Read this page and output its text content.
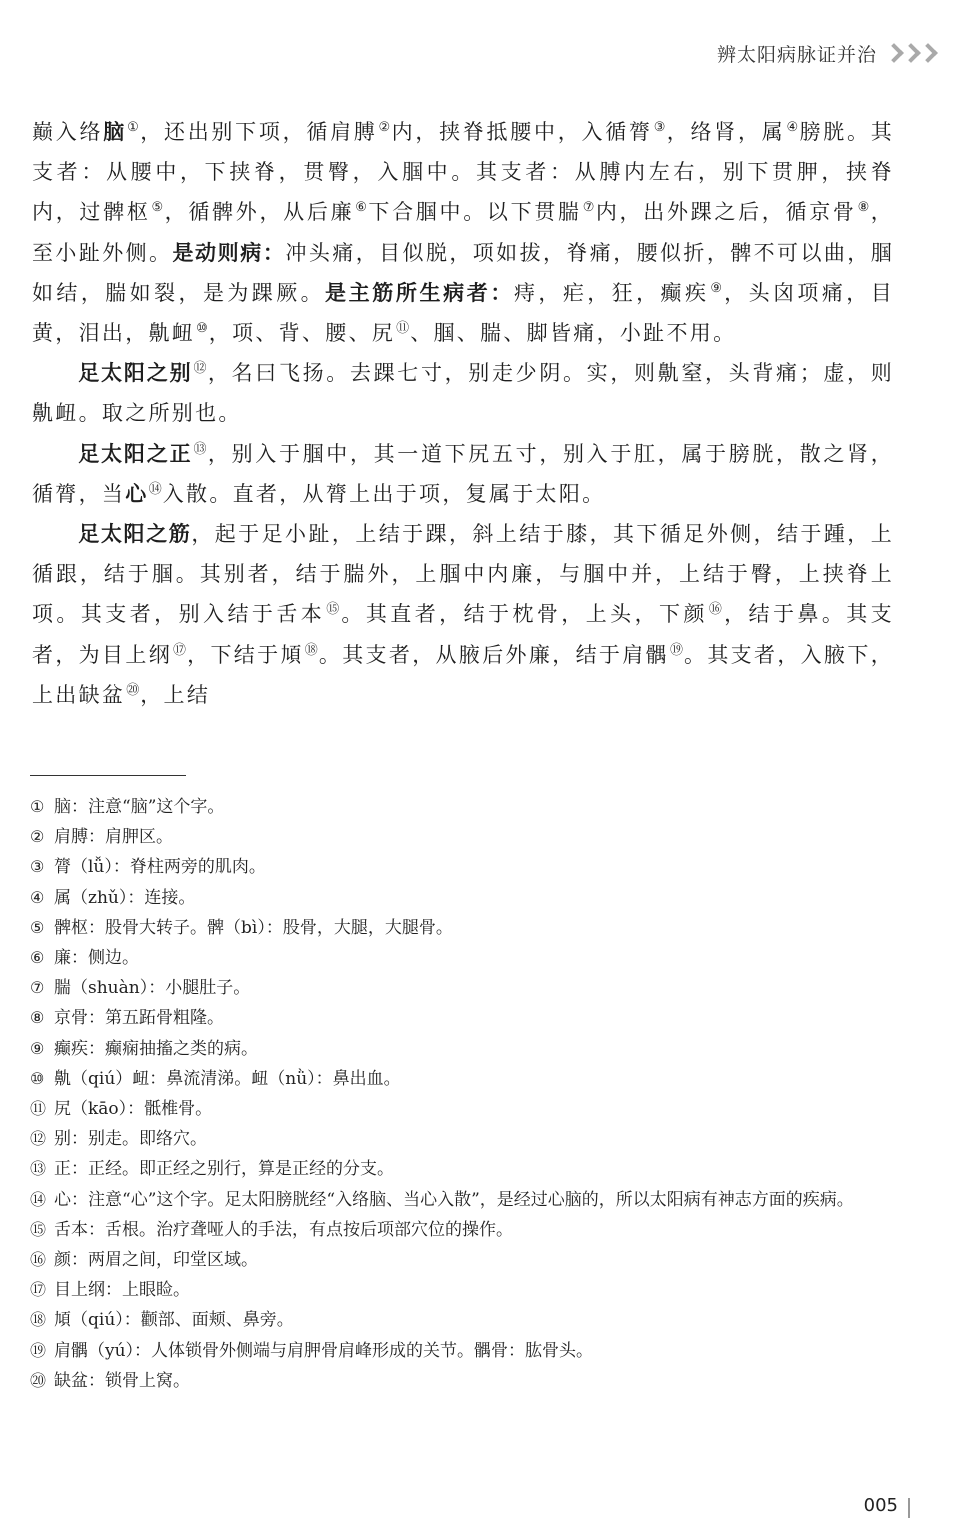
辨太阳病脉证并治

巅入络脑①，还出别下项，循肩膊②内，挟脊抵腰中，入循膂③，络肾，属④膀胱。其支者：从腰中，下挟脊，贯臀，入腘中。其支者：从膊内左右，别下贯胛，挟脊内，过髀枢⑤，循髀外，从后廉⑥下合腘中。以下贯腨⑦内，出外踝之后，循京骨⑧，至小趾外侧。是动则病：冲头痛，目似脱，项如拔，脊痛，腰似折，髀不可以曲，腘如结，腨如裂，是为踝厥。是主筋所生病者：痔，疟，狂，癫疾⑨，头囟项痛，目黄，泪出，鼽衄⑩，项、背、腰、尻⑪、腘、腨、脚皆痛，小趾不用。

足太阳之别⑫，名曰飞扬。去踝七寸，别走少阴。实，则鼽窒，头背痛；虚，则鼽衄。取之所别也。

足太阳之正⑬，别入于腘中，其一道下尻五寸，别入于肛，属于膀胱，散之肾，循膂，当心⑭入散。直者，从膂上出于项，复属于太阳。

足太阳之筋，起于足小趾，上结于踝，斜上结于膝，其下循足外侧，结于踵，上循跟，结于腘。其别者，结于腨外，上腘中内廉，与腘中并，上结于臀，上挟脊上项。其支者，别入结于舌本⑮。其直者，结于枕骨，上头，下颜⑯，结于鼻。其支者，为目上纲⑰，下结于頄⑱。其支者，从腋后外廉，结于肩髃⑲。其支者，入腋下，上出缺盆⑳，上结

① 脑：注意“脑”这个字。
② 肩膊：肩胛区。
③ 膂（lǚ）：脊柱两旁的肌肉。
④ 属（zhǔ）：连接。
⑤ 髀枢：股骨大转子。髀（bì）：股骨，大腿，大腿骨。
⑥ 廉：侧边。
⑦ 腨（shuàn）：小腿肚子。
⑧ 京骨：第五跖骨粗隆。
⑨ 癫疾：癫痫抽搐之类的病。
⑩ 鼽（qiú）衄：鼻流清涕。衄（nǜ）：鼻出血。
⑪ 尻（kāo）：骶椎骨。
⑫ 别：别走。即络穴。
⑬ 正：正经。即正经之别行，算是正经的分支。
⑭ 心：注意“心”这个字。足太阳膀胱经“入络脑、当心入散”，是经过心脑的，所以太阳病有神志方面的疾病。
⑮ 舌本：舌根。治疗聋哑人的手法，有点按后项部穴位的操作。
⑯ 颜：两眉之间，印堂区域。
⑰ 目上纲：上眼睑。
⑱ 頄（qiú）：颧部、面颊、鼻旁。
⑲ 肩髃（yú）：人体锁骨外侧端与肩胛骨肩峰形成的关节。髃骨：肱骨头。
⑳ 缺盆：锁骨上窝。
005
